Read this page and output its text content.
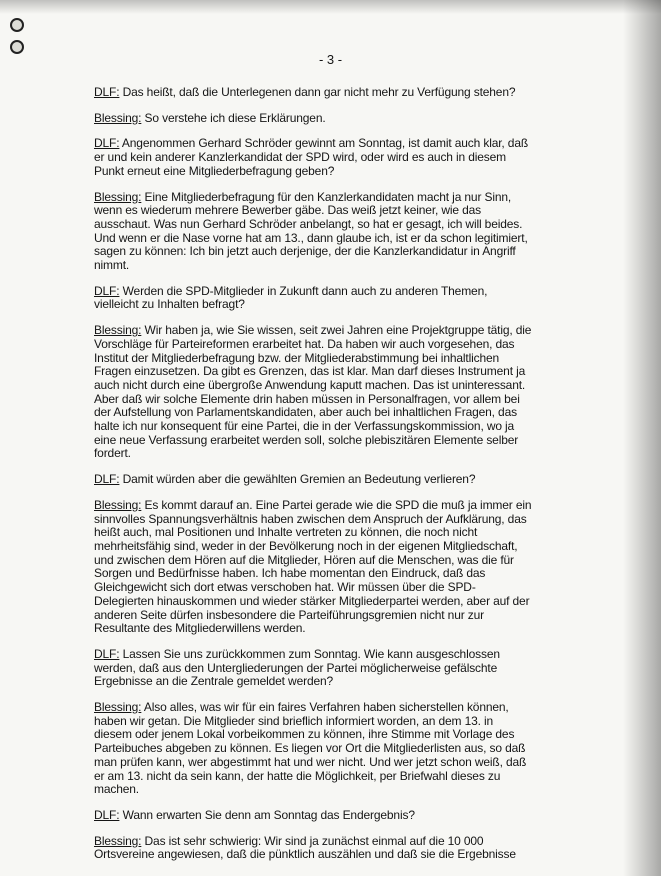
- 3 -

DLF: Das heißt, daß die Unterlegenen dann gar nicht mehr zu Verfügung stehen?

Blessing: So verstehe ich diese Erklärungen.

DLF: Angenommen Gerhard Schröder gewinnt am Sonntag, ist damit auch klar, daß er und kein anderer Kanzlerkandidat der SPD wird, oder wird es auch in diesem Punkt erneut eine Mitgliederbefragung geben?

Blessing: Eine Mitgliederbefragung für den Kanzlerkandidaten macht ja nur Sinn, wenn es wiederum mehrere Bewerber gäbe. Das weiß jetzt keiner, wie das ausschaut. Was nun Gerhard Schröder anbelangt, so hat er gesagt, ich will beides. Und wenn er die Nase vorne hat am 13., dann glaube ich, ist er da schon legitimiert, sagen zu können: Ich bin jetzt auch derjenige, der die Kanzlerkandidatur in Angriff nimmt.

DLF: Werden die SPD-Mitglieder in Zukunft dann auch zu anderen Themen, vielleicht zu Inhalten befragt?

Blessing: Wir haben ja, wie Sie wissen, seit zwei Jahren eine Projektgruppe tätig, die Vorschläge für Parteireformen erarbeitet hat. Da haben wir auch vorgesehen, das Institut der Mitgliederbefragung bzw. der Mitgliederabstimmung bei inhaltlichen Fragen einzusetzen. Da gibt es Grenzen, das ist klar. Man darf dieses Instrument ja auch nicht durch eine übergroße Anwendung kaputt machen. Das ist uninteressant. Aber daß wir solche Elemente drin haben müssen in Personalfragen, vor allem bei der Aufstellung von Parlamentskandidaten, aber auch bei inhaltlichen Fragen, das halte ich nur konsequent für eine Partei, die in der Verfassungskommission, wo ja eine neue Verfassung erarbeitet werden soll, solche plebiszitären Elemente selber fordert.

DLF: Damit würden aber die gewählten Gremien an Bedeutung verlieren?

Blessing: Es kommt darauf an. Eine Partei gerade wie die SPD die muß ja immer ein sinnvolles Spannungsverhältnis haben zwischen dem Anspruch der Aufklärung, das heißt auch, mal Positionen und Inhalte vertreten zu können, die noch nicht mehrheitsfähig sind, weder in der Bevölkerung noch in der eigenen Mitgliedschaft, und zwischen dem Hören auf die Mitglieder, Hören auf die Menschen, was die für Sorgen und Bedürfnisse haben. Ich habe momentan den Eindruck, daß das Gleichgewicht sich dort etwas verschoben hat. Wir müssen über die SPD-Delegierten hinauskommen und wieder stärker Mitgliederpartei werden, aber auf der anderen Seite dürfen insbesondere die Parteiführungsgremien nicht nur zur Resultante des Mitgliederwillens werden.

DLF: Lassen Sie uns zurückkommen zum Sonntag. Wie kann ausgeschlossen werden, daß aus den Untergliederungen der Partei möglicherweise gefälschte Ergebnisse an die Zentrale gemeldet werden?

Blessing: Also alles, was wir für ein faires Verfahren haben sicherstellen können, haben wir getan. Die Mitglieder sind brieflich informiert worden, an dem 13. in diesem oder jenem Lokal vorbeikommen zu können, ihre Stimme mit Vorlage des Parteibuches abgeben zu können. Es liegen vor Ort die Mitgliederlisten aus, so daß man prüfen kann, wer abgestimmt hat und wer nicht. Und wer jetzt schon weiß, daß er am 13. nicht da sein kann, der hatte die Möglichkeit, per Briefwahl dieses zu machen.

DLF: Wann erwarten Sie denn am Sonntag das Endergebnis?

Blessing: Das ist sehr schwierig: Wir sind ja zunächst einmal auf die 10 000 Ortsvereine angewiesen, daß die pünktlich auszählen und daß sie die Ergebnisse
